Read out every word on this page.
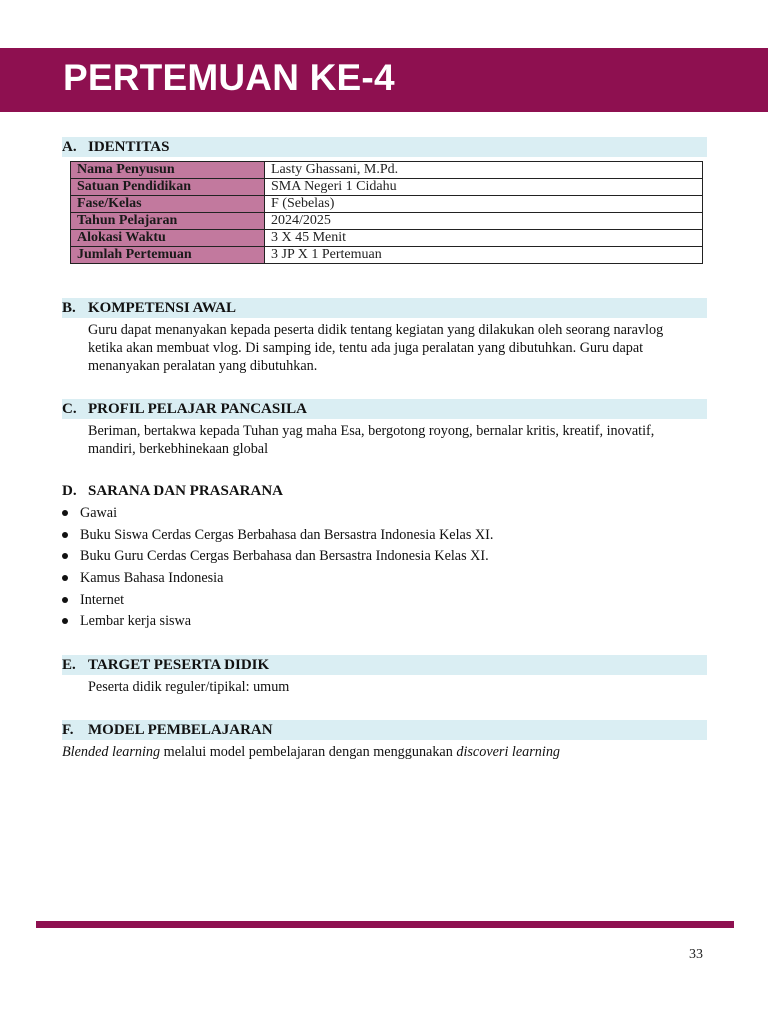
PERTEMUAN KE-4
A. IDENTITAS
Nama Penyusun	Lasty Ghassani, M.Pd.
Satuan Pendidikan	SMA Negeri 1 Cidahu
Fase/Kelas	F (Sebelas)
Tahun Pelajaran	2024/2025
Alokasi Waktu	3 X 45 Menit
Jumlah Pertemuan	3 JP X 1 Pertemuan
B. KOMPETENSI AWAL
Guru dapat menanyakan kepada peserta didik tentang kegiatan yang dilakukan oleh seorang naravlog
ketika akan membuat vlog. Di samping ide, tentu ada juga peralatan yang dibutuhkan. Guru dapat
menanyakan peralatan yang dibutuhkan.
C. PROFIL PELAJAR PANCASILA
Beriman, bertakwa kepada Tuhan yag maha Esa, bergotong royong, bernalar kritis, kreatif, inovatif,
mandiri, berkebhinekaan global
D. SARANA DAN PRASARANA
Gawai
Buku Siswa Cerdas Cergas Berbahasa dan Bersastra Indonesia Kelas XI.
Buku Guru Cerdas Cergas Berbahasa dan Bersastra Indonesia Kelas XI.
Kamus Bahasa Indonesia
Internet
Lembar kerja siswa
E. TARGET PESERTA DIDIK
Peserta didik reguler/tipikal: umum
F. MODEL PEMBELAJARAN
Blended learning melalui model pembelajaran dengan menggunakan discoveri learning
33
